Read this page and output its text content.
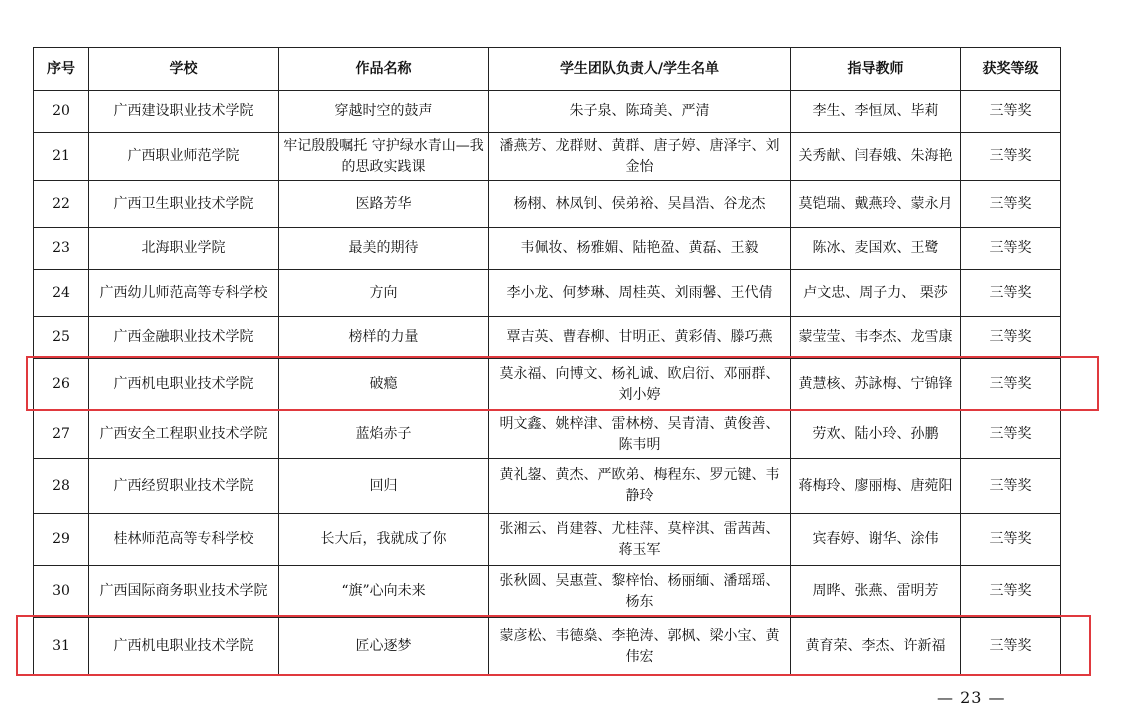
序号	学校	作品名称	学生团队负责人/学生名单	指导教师	获奖等级
20	广西建设职业技术学院	穿越时空的鼓声	朱子泉、陈琦美、严清	李生、李恒凤、毕莉	三等奖
21	广西职业师范学院	牢记殷殷嘱托 守护绿水青山—我的思政实践课	潘燕芳、龙群财、黄群、唐子婷、唐泽宇、刘金怡	关秀献、闫春娥、朱海艳	三等奖
22	广西卫生职业技术学院	医路芳华	杨栩、林凤钊、侯弟裕、吴昌浩、谷龙杰	莫铠瑞、戴燕玲、蒙永月	三等奖
23	北海职业学院	最美的期待	韦佩妆、杨雅媚、陆艳盈、黄磊、王毅	陈冰、麦国欢、王鹭	三等奖
24	广西幼儿师范高等专科学校	方向	李小龙、何梦琳、周桂英、刘雨馨、王代倩	卢文忠、周子力、 栗莎	三等奖
25	广西金融职业技术学院	榜样的力量	覃吉英、曹春柳、甘明正、黄彩倩、滕巧燕	蒙莹莹、韦李杰、龙雪康	三等奖
26	广西机电职业技术学院	破瘾	莫永福、向博文、杨礼诚、欧启衍、邓丽群、刘小婷	黄慧核、苏詠梅、宁锦锋	三等奖
27	广西安全工程职业技术学院	蓝焰赤子	明文鑫、姚梓津、雷林榜、吴青清、黄俊善、陈韦明	劳欢、陆小玲、孙鹏	三等奖
28	广西经贸职业技术学院	回归	黄礼鋆、黄杰、严欧弟、梅程东、罗元键、韦静玲	蒋梅玲、廖丽梅、唐菀阳	三等奖
29	桂林师范高等专科学校	长大后，我就成了你	张湘云、肖建蓉、尤桂萍、莫梓淇、雷茜茜、蒋玉军	宾春婷、谢华、涂伟	三等奖
30	广西国际商务职业技术学院	“旗”心向未来	张秋圆、吴惠萱、黎梓怡、杨丽缅、潘瑶瑶、杨东	周晔、张燕、雷明芳	三等奖
31	广西机电职业技术学院	匠心逐梦	蒙彦松、韦德燊、李艳涛、郭枫、梁小宝、黄伟宏	黄育荣、李杰、许新福	三等奖
— 23 —
